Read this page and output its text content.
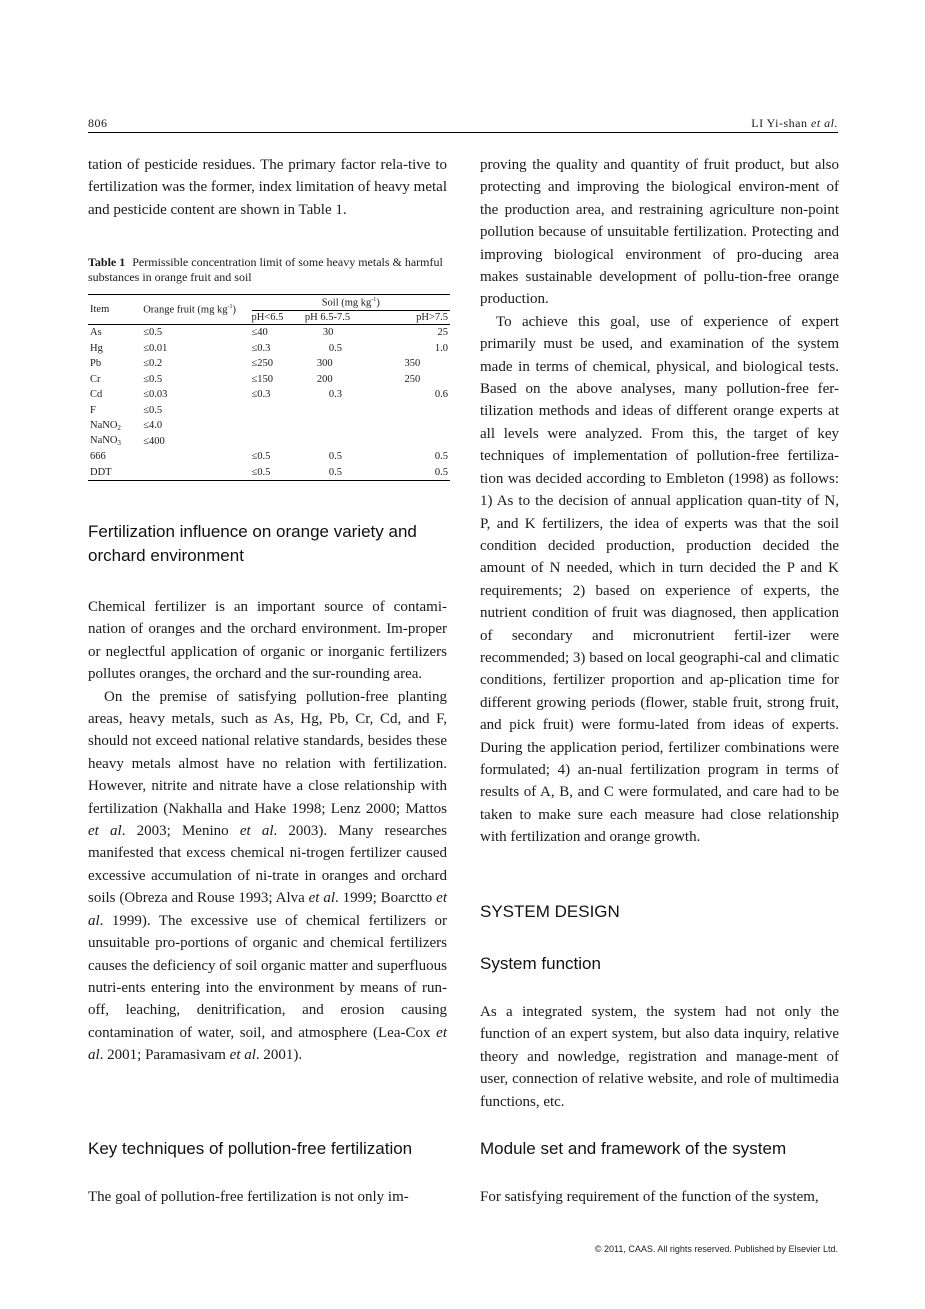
806	LI Yi-shan et al.

tation of pesticide residues. The primary factor rela-tive to fertilization was the former, index limitation of heavy metal and pesticide content are shown in Table 1.

Table 1 Permissible concentration limit of some heavy metals & harmful substances in orange fruit and soil
Item	Orange fruit (mg $kg^{-1}$)	Soil (mg $kg^{-1}$)		
		pH<6.5	pH 6.5-7.5	pH>7.5
As	≤0.5	≤40	30	25
Hg	≤0.01	≤0.3	0.5	1.0
Pb	≤0.2	≤250	300	350
Cr	≤0.5	≤150	200	250
Cd	≤0.03	≤0.3	0.3	0.6
F	≤0.5			
NaNO$_2$	≤4.0			
NaNO$_3$	≤400			
666		≤0.5	0.5	0.5
DDT		≤0.5	0.5	0.5
Fertilization influence on orange variety and orchard environment

Chemical fertilizer is an important source of contami-nation of oranges and the orchard environment. Im-proper or neglectful application of organic or inorganic fertilizers pollutes oranges, the orchard and the sur-rounding area.

On the premise of satisfying pollution-free planting areas, heavy metals, such as As, Hg, Pb, Cr, Cd, and F, should not exceed national relative standards, besides these heavy metals almost have no relation with fertilization. However, nitrite and nitrate have a close relationship with fertilization (Nakhalla and Hake 1998; Lenz 2000; Mattos et al. 2003; Menino et al. 2003). Many researches manifested that excess chemical ni-trogen fertilizer caused excessive accumulation of ni-trate in oranges and orchard soils (Obreza and Rouse 1993; Alva et al. 1999; Boarctto et al. 1999). The excessive use of chemical fertilizers or unsuitable pro-portions of organic and chemical fertilizers causes the deficiency of soil organic matter and superfluous nutri-ents entering into the environment by means of run-off, leaching, denitrification, and erosion causing contamination of water, soil, and atmosphere (Lea-Cox et al. 2001; Paramasivam et al. 2001).

Key techniques of pollution-free fertilization

The goal of pollution-free fertilization is not only im-

proving the quality and quantity of fruit product, but also protecting and improving the biological environ-ment of the production area, and restraining agriculture non-point pollution because of unsuitable fertilization. Protecting and improving biological environment of pro-ducing area makes sustainable development of pollu-tion-free orange production.

To achieve this goal, use of experience of expert primarily must be used, and examination of the system made in terms of chemical, physical, and biological tests. Based on the above analyses, many pollution-free fer-tilization methods and ideas of different orange experts at all levels were analyzed. From this, the target of key techniques of implementation of pollution-free fertiliza-tion was decided according to Embleton (1998) as follows: 1) As to the decision of annual application quan-tity of N, P, and K fertilizers, the idea of experts was that the soil condition decided production, production decided the amount of N needed, which in turn decided the P and K requirements; 2) based on experience of experts, the nutrient condition of fruit was diagnosed, then application of secondary and micronutrient fertil-izer were recommended; 3) based on local geographi-cal and climatic conditions, fertilizer proportion and ap-plication time for different growing periods (flower, stable fruit, strong fruit, and pick fruit) were formu-lated from ideas of experts. During the application period, fertilizer combinations were formulated; 4) an-nual fertilization program in terms of results of A, B, and C were formulated, and care had to be taken to make sure each measure had close relationship with fertilization and orange growth.

SYSTEM DESIGN
System function

As a integrated system, the system had not only the function of an expert system, but also data inquiry, relative theory and nowledge, registration and manage-ment of user, connection of relative website, and role of multimedia functions, etc.

Module set and framework of the system

For satisfying requirement of the function of the system,

© 2011, CAAS. All rights reserved. Published by Elsevier Ltd.
